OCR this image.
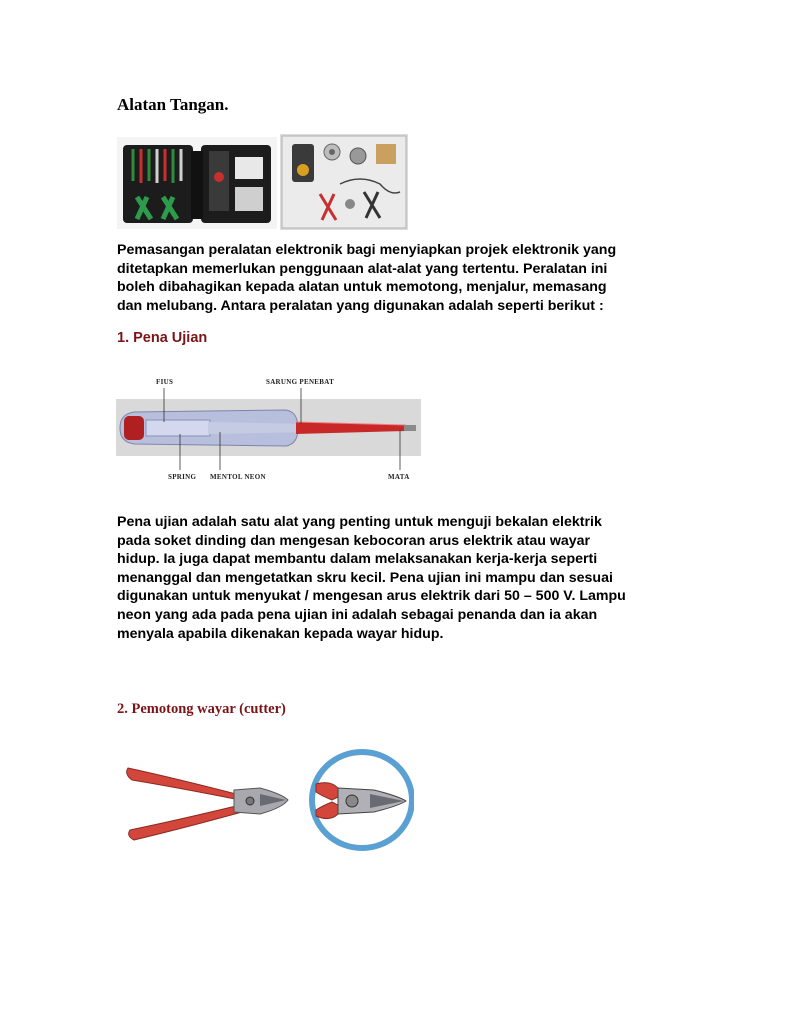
Alatan Tangan.
Pemasangan peralatan elektronik bagi menyiapkan projek elektronik yang
ditetapkan memerlukan penggunaan alat-alat yang tertentu. Peralatan ini
boleh dibahagikan kepada alatan untuk memotong, menjalur, memasang
dan melubang. Antara peralatan yang digunakan adalah seperti berikut :
1. Pena Ujian
FIUS	SARUNG PENEBAT
SPRING MENTOL NEON	MATA
Pena ujian adalah satu alat yang penting untuk menguji bekalan elektrik
pada soket dinding dan mengesan kebocoran arus elektrik atau wayar
hidup. Ia juga dapat membantu dalam melaksanakan kerja-kerja seperti
menanggal dan mengetatkan skru kecil. Pena ujian ini mampu dan sesuai
digunakan untuk menyukat / mengesan arus elektrik dari 50 – 500 V. Lampu
neon yang ada pada pena ujian ini adalah sebagai penanda dan ia akan
menyala apabila dikenakan kepada wayar hidup.
2. Pemotong wayar (cutter)
